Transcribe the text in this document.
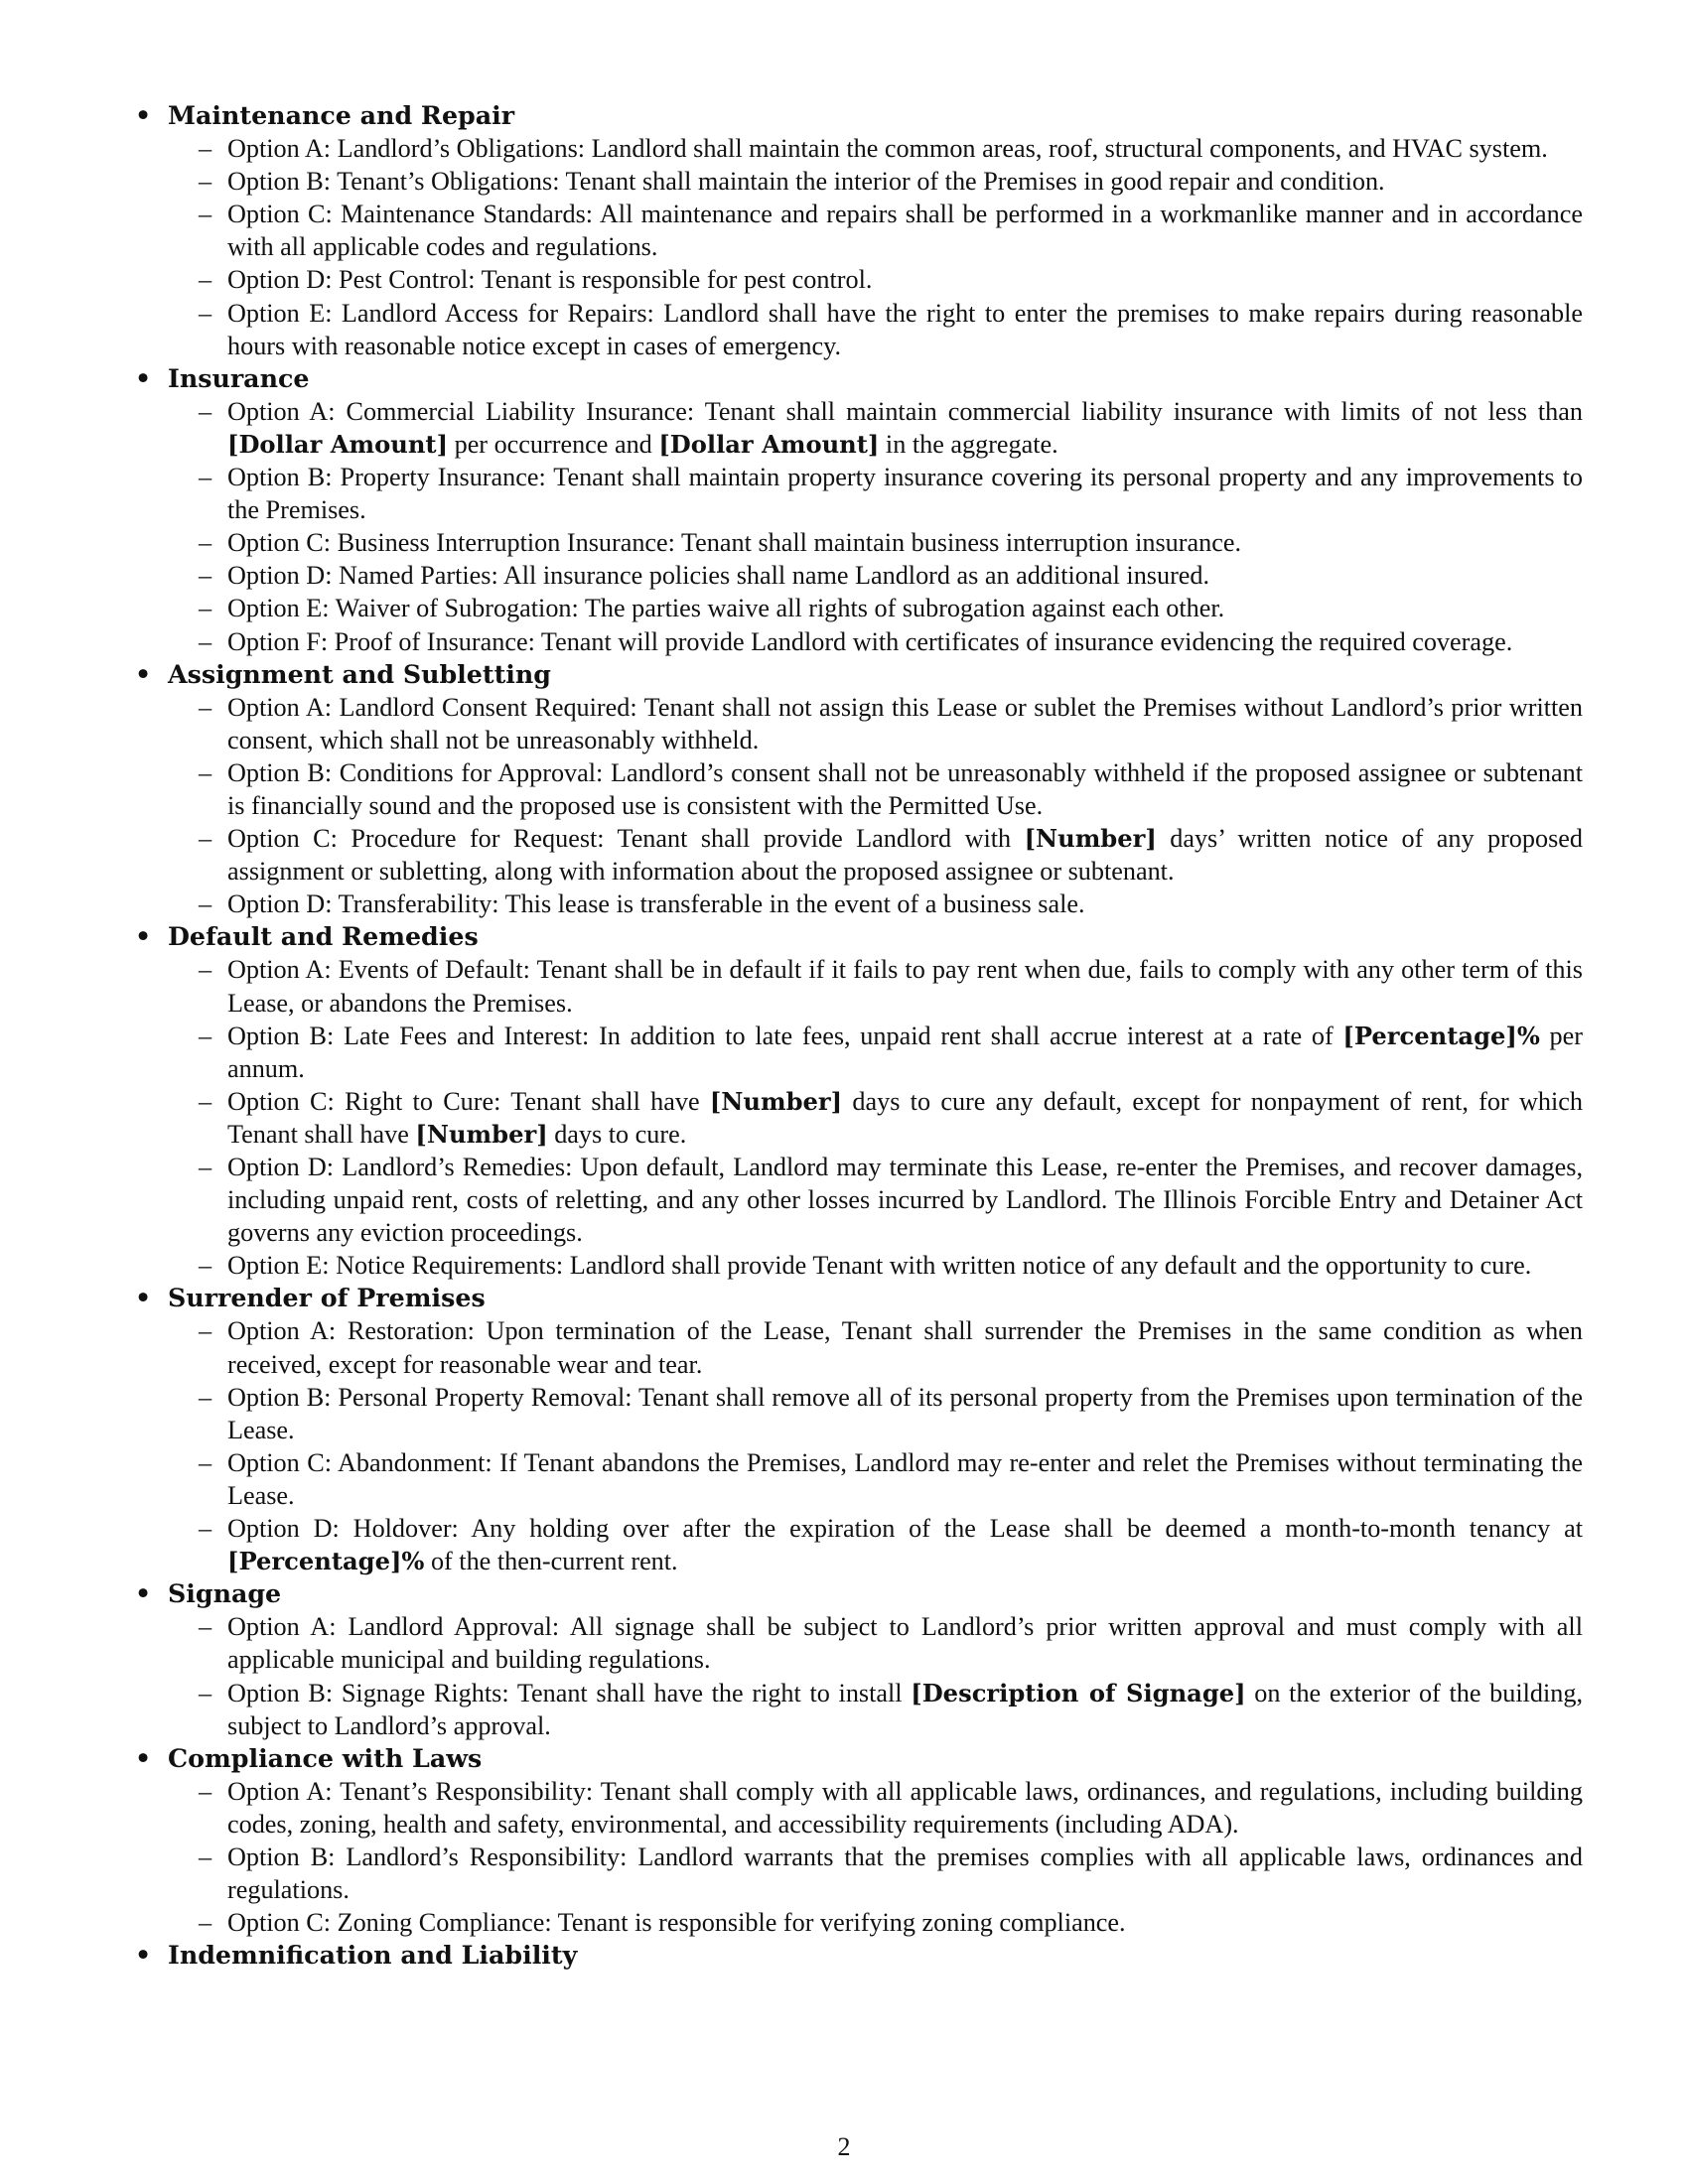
• Maintenance and Repair
– Option A: Landlord’s Obligations: Landlord shall maintain the common areas, roof, structural components, and HVAC system.
– Option B: Tenant’s Obligations: Tenant shall maintain the interior of the Premises in good repair and condition.
– Option C: Maintenance Standards: All maintenance and repairs shall be performed in a workmanlike manner and in accordance with all applicable codes and regulations.
– Option D: Pest Control: Tenant is responsible for pest control.
– Option E: Landlord Access for Repairs: Landlord shall have the right to enter the premises to make repairs during reasonable hours with reasonable notice except in cases of emergency.
• Insurance
– Option A: Commercial Liability Insurance: Tenant shall maintain commercial liability insurance with limits of not less than [Dollar Amount] per occurrence and [Dollar Amount] in the aggregate.
– Option B: Property Insurance: Tenant shall maintain property insurance covering its personal property and any improvements to the Premises.
– Option C: Business Interruption Insurance: Tenant shall maintain business interruption insurance.
– Option D: Named Parties: All insurance policies shall name Landlord as an additional insured.
– Option E: Waiver of Subrogation: The parties waive all rights of subrogation against each other.
– Option F: Proof of Insurance: Tenant will provide Landlord with certificates of insurance evidencing the required coverage.
• Assignment and Subletting
– Option A: Landlord Consent Required: Tenant shall not assign this Lease or sublet the Premises without Landlord’s prior written consent, which shall not be unreasonably withheld.
– Option B: Conditions for Approval: Landlord’s consent shall not be unreasonably withheld if the proposed assignee or subtenant is financially sound and the proposed use is consistent with the Permitted Use.
– Option C: Procedure for Request: Tenant shall provide Landlord with [Number] days’ written notice of any proposed assignment or subletting, along with information about the proposed assignee or subtenant.
– Option D: Transferability: This lease is transferable in the event of a business sale.
• Default and Remedies
– Option A: Events of Default: Tenant shall be in default if it fails to pay rent when due, fails to comply with any other term of this Lease, or abandons the Premises.
– Option B: Late Fees and Interest: In addition to late fees, unpaid rent shall accrue interest at a rate of [Percentage]% per annum.
– Option C: Right to Cure: Tenant shall have [Number] days to cure any default, except for nonpayment of rent, for which Tenant shall have [Number] days to cure.
– Option D: Landlord’s Remedies: Upon default, Landlord may terminate this Lease, re-enter the Premises, and recover damages, including unpaid rent, costs of reletting, and any other losses incurred by Landlord. The Illinois Forcible Entry and Detainer Act governs any eviction proceedings.
– Option E: Notice Requirements: Landlord shall provide Tenant with written notice of any default and the opportunity to cure.
• Surrender of Premises
– Option A: Restoration: Upon termination of the Lease, Tenant shall surrender the Premises in the same condition as when received, except for reasonable wear and tear.
– Option B: Personal Property Removal: Tenant shall remove all of its personal property from the Premises upon termination of the Lease.
– Option C: Abandonment: If Tenant abandons the Premises, Landlord may re-enter and relet the Premises without terminating the Lease.
– Option D: Holdover: Any holding over after the expiration of the Lease shall be deemed a month-to-month tenancy at [Percentage]% of the then-current rent.
• Signage
– Option A: Landlord Approval: All signage shall be subject to Landlord’s prior written approval and must comply with all applicable municipal and building regulations.
– Option B: Signage Rights: Tenant shall have the right to install [Description of Signage] on the exterior of the building, subject to Landlord’s approval.
• Compliance with Laws
– Option A: Tenant’s Responsibility: Tenant shall comply with all applicable laws, ordinances, and regulations, including building codes, zoning, health and safety, environmental, and accessibility requirements (including ADA).
– Option B: Landlord’s Responsibility: Landlord warrants that the premises complies with all applicable laws, ordinances and regulations.
– Option C: Zoning Compliance: Tenant is responsible for verifying zoning compliance.
• Indemnification and Liability
2
